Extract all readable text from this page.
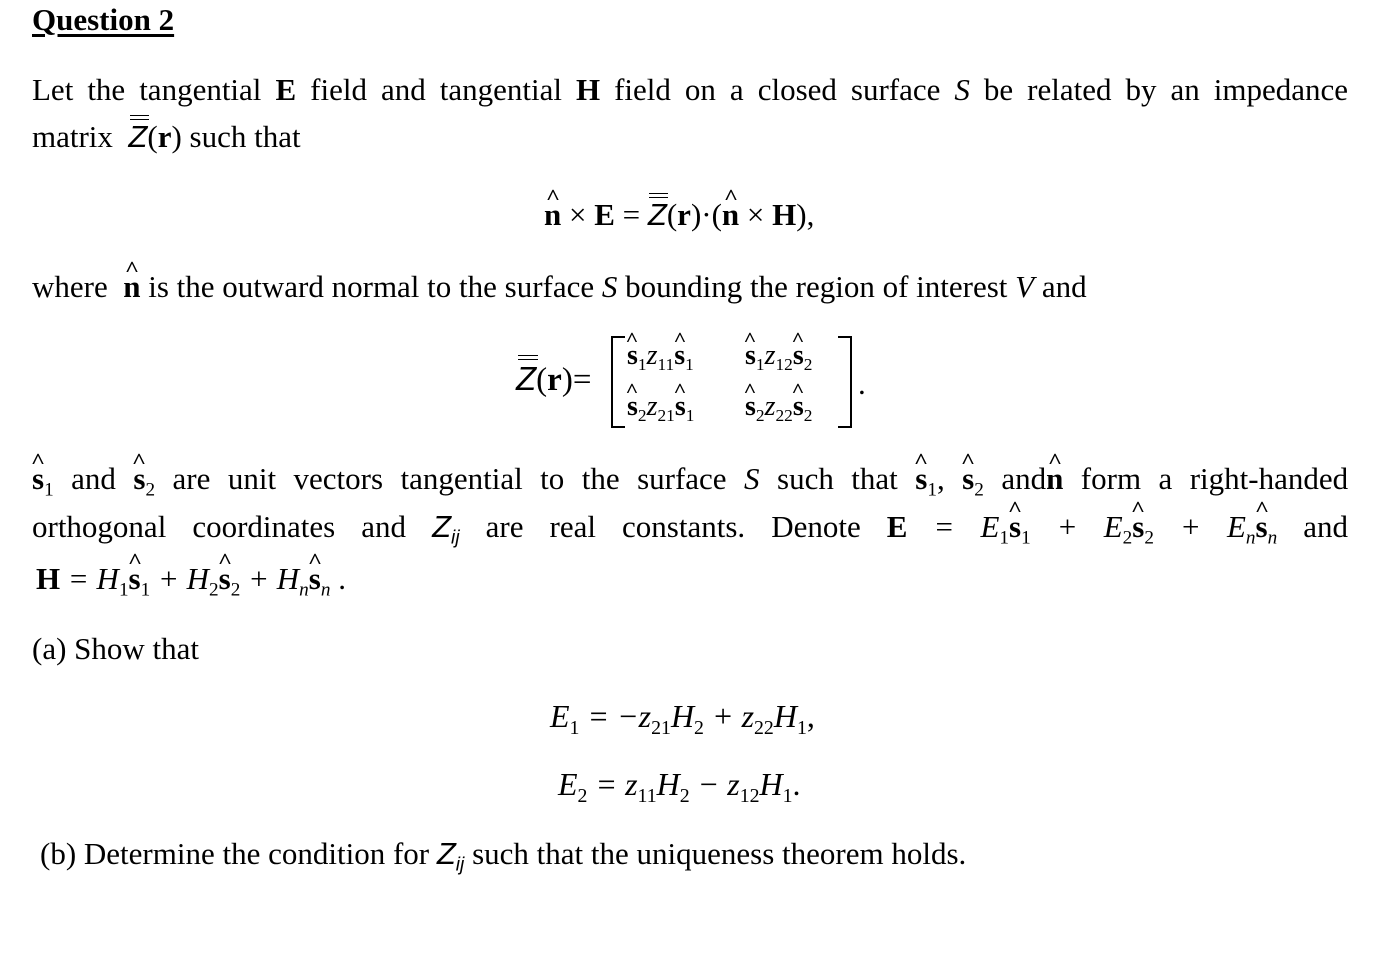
Question 2
Let the tangential E field and tangential H field on a closed surface S be related by an impedance
matrix Z(r) such that
^ n × E = Z(r)·(^ n × H),
where ^ n is the outward normal to the surface S bounding the region of interest V and
Z(r)=
^ $s_1z_{11}\^{}$ $s_1$ ^ $s_1z_{12}\^{}$ $s_2$
^ $s_2z_{21}\^{}$ $s_1$ ^ $s_2z_{22}\^{}$ $s_2$
.
^ $s_1$ and ^ $s_2$ are unit vectors tangential to the surface S such that ^ $s_1$, ^ $s_2$ and^ n form a right-handed
orthogonal coordinates and $Z_{ij}$ are real constants. Denote $E = E_1\^{}$ $s_1$ + $E_2\^{}$ $s_2$ + $E_n\^{}$ $s_n$ and
$H = H_1\^{}$ $s_1$ + $H_2\^{}$ $s_2$ + $H_n\^{}$ $s_n$ .
(a) Show that
$E_1 = -z_{21}H_2 + z_{22}H_1$,
$E_2 = z_{11}H_2 - z_{12}H_1$.
(b) Determine the condition for $Z_{ij}$ such that the uniqueness theorem holds.
